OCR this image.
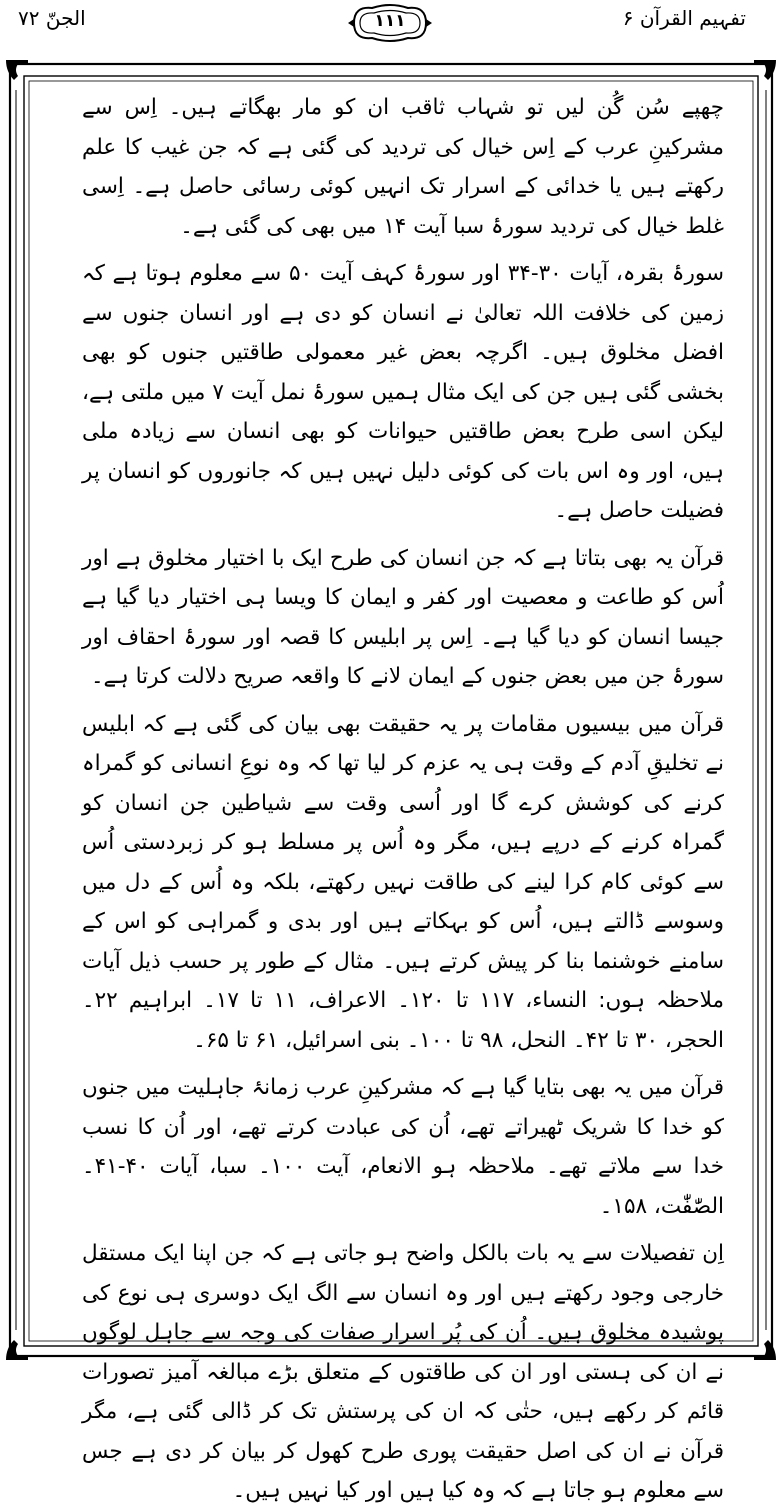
تفہیم القرآن ۶
۱۱۱
الجنّ ۷۲

چھپے سُن گُن لیں تو شہاب ثاقب ان کو مار بھگاتے ہیں۔ اِس سے مشرکینِ عرب کے اِس خیال کی تردید کی گئی ہے کہ جن غیب کا علم رکھتے ہیں یا خدائی کے اسرار تک انہیں کوئی رسائی حاصل ہے۔ اِسی غلط خیال کی تردید سورۂ سبا آیت ۱۴ میں بھی کی گئی ہے۔

سورۂ بقرہ، آیات ۳۰-۳۴ اور سورۂ کہف آیت ۵۰ سے معلوم ہوتا ہے کہ زمین کی خلافت اللہ تعالیٰ نے انسان کو دی ہے اور انسان جنوں سے افضل مخلوق ہیں۔ اگرچہ بعض غیر معمولی طاقتیں جنوں کو بھی بخشی گئی ہیں جن کی ایک مثال ہمیں سورۂ نمل آیت ۷ میں ملتی ہے، لیکن اسی طرح بعض طاقتیں حیوانات کو بھی انسان سے زیادہ ملی ہیں، اور وہ اس بات کی کوئی دلیل نہیں ہیں کہ جانوروں کو انسان پر فضیلت حاصل ہے۔

قرآن یہ بھی بتاتا ہے کہ جن انسان کی طرح ایک با اختیار مخلوق ہے اور اُس کو طاعت و معصیت اور کفر و ایمان کا ویسا ہی اختیار دیا گیا ہے جیسا انسان کو دیا گیا ہے۔ اِس پر ابلیس کا قصہ اور سورۂ احقاف اور سورۂ جن میں بعض جنوں کے ایمان لانے کا واقعہ صریح دلالت کرتا ہے۔

قرآن میں بیسیوں مقامات پر یہ حقیقت بھی بیان کی گئی ہے کہ ابلیس نے تخلیقِ آدم کے وقت ہی یہ عزم کر لیا تھا کہ وہ نوعِ انسانی کو گمراہ کرنے کی کوشش کرے گا اور اُسی وقت سے شیاطین جن انسان کو گمراہ کرنے کے درپے ہیں، مگر وہ اُس پر مسلط ہو کر زبردستی اُس سے کوئی کام کرا لینے کی طاقت نہیں رکھتے، بلکہ وہ اُس کے دل میں وسوسے ڈالتے ہیں، اُس کو بہکاتے ہیں اور بدی و گمراہی کو اس کے سامنے خوشنما بنا کر پیش کرتے ہیں۔ مثال کے طور پر حسب ذیل آیات ملاحظہ ہوں: النساء، ۱۱۷ تا ۱۲۰۔ الاعراف، ۱۱ تا ۱۷۔ ابراہیم ۲۲۔ الحجر، ۳۰ تا ۴۲۔ النحل، ۹۸ تا ۱۰۰۔ بنی اسرائیل، ۶۱ تا ۶۵۔

قرآن میں یہ بھی بتایا گیا ہے کہ مشرکینِ عرب زمانۂ جاہلیت میں جنوں کو خدا کا شریک ٹھیراتے تھے، اُن کی عبادت کرتے تھے، اور اُن کا نسب خدا سے ملاتے تھے۔ ملاحظہ ہو الانعام، آیت ۱۰۰۔ سبا، آیات ۴۰-۴۱۔ الصّٰفّٰت، ۱۵۸۔

اِن تفصیلات سے یہ بات بالکل واضح ہو جاتی ہے کہ جن اپنا ایک مستقل خارجی وجود رکھتے ہیں اور وہ انسان سے الگ ایک دوسری ہی نوع کی پوشیدہ مخلوق ہیں۔ اُن کی پُر اسرار صفات کی وجہ سے جاہل لوگوں نے ان کی ہستی اور ان کی طاقتوں کے متعلق بڑے مبالغہ آمیز تصورات قائم کر رکھے ہیں، حتٰی کہ ان کی پرستش تک کر ڈالی گئی ہے، مگر قرآن نے ان کی اصل حقیقت پوری طرح کھول کر بیان کر دی ہے جس سے معلوم ہو جاتا ہے کہ وہ کیا ہیں اور کیا نہیں ہیں۔
